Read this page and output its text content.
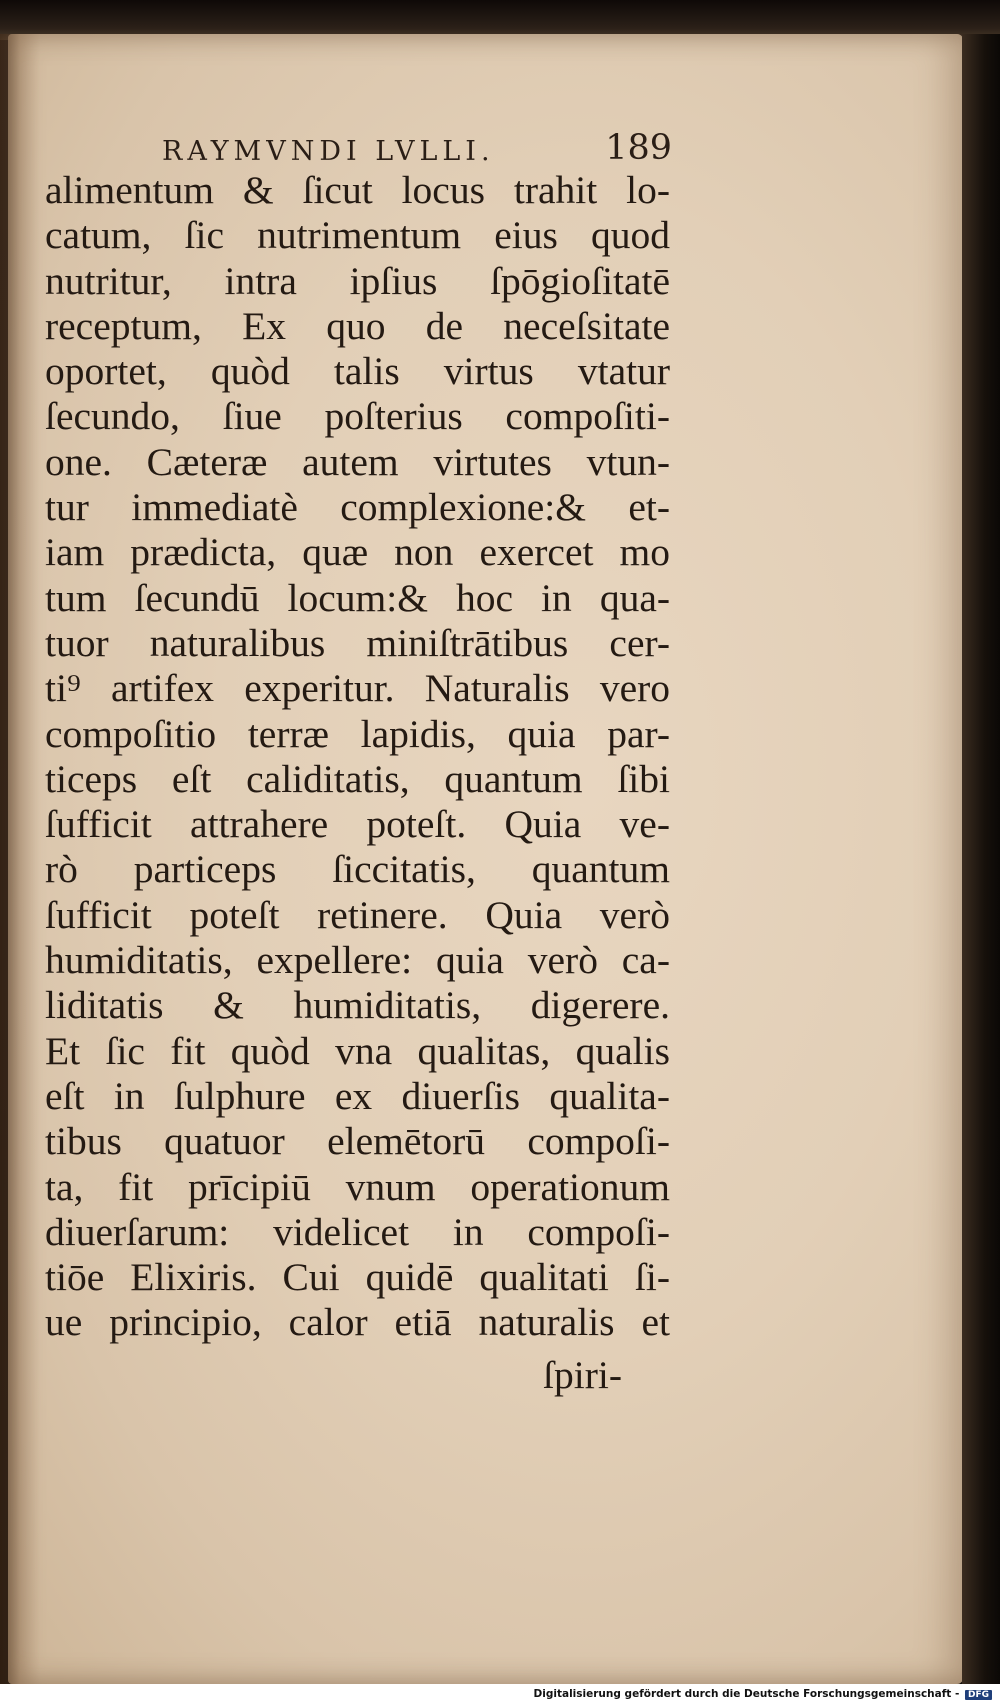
RAYMVNDI LVLLI.	189
alimentum & ſicut locus trahit lo-
catum, ſic nutrimentum eius quod
nutritur, intra ipſius ſpōgioſitatē
receptum, Ex quo de neceſsitate
oportet, quòd talis virtus vtatur
ſecundo, ſiue poſterius compoſiti-
one. Cæteræ autem virtutes vtun-
tur immediatè complexione:& et-
iam prædicta, quæ non exercet mo
tum ſecundū locum:& hoc in qua-
tuor naturalibus miniſtrātibus cer-
ti⁹ artifex experitur. Naturalis vero
compoſitio terræ lapidis, quia par-
ticeps eſt caliditatis, quantum ſibi
ſufficit attrahere poteſt. Quia ve-
rò particeps ſiccitatis, quantum
ſufficit poteſt retinere. Quia verò
humiditatis, expellere: quia verò ca-
liditatis & humiditatis, digerere.
Et ſic fit quòd vna qualitas, qualis
eſt in ſulphure ex diuerſis qualita-
tibus quatuor elemētorū compoſi-
ta, fit prīcipiū vnum operationum
diuerſarum: videlicet in compoſi-
tiōe Elixiris. Cui quidē qualitati ſi-
ue principio, calor etiā naturalis et
ſpiri-
Digitalisierung gefördert durch die Deutsche Forschungsgemeinschaft - DFG
